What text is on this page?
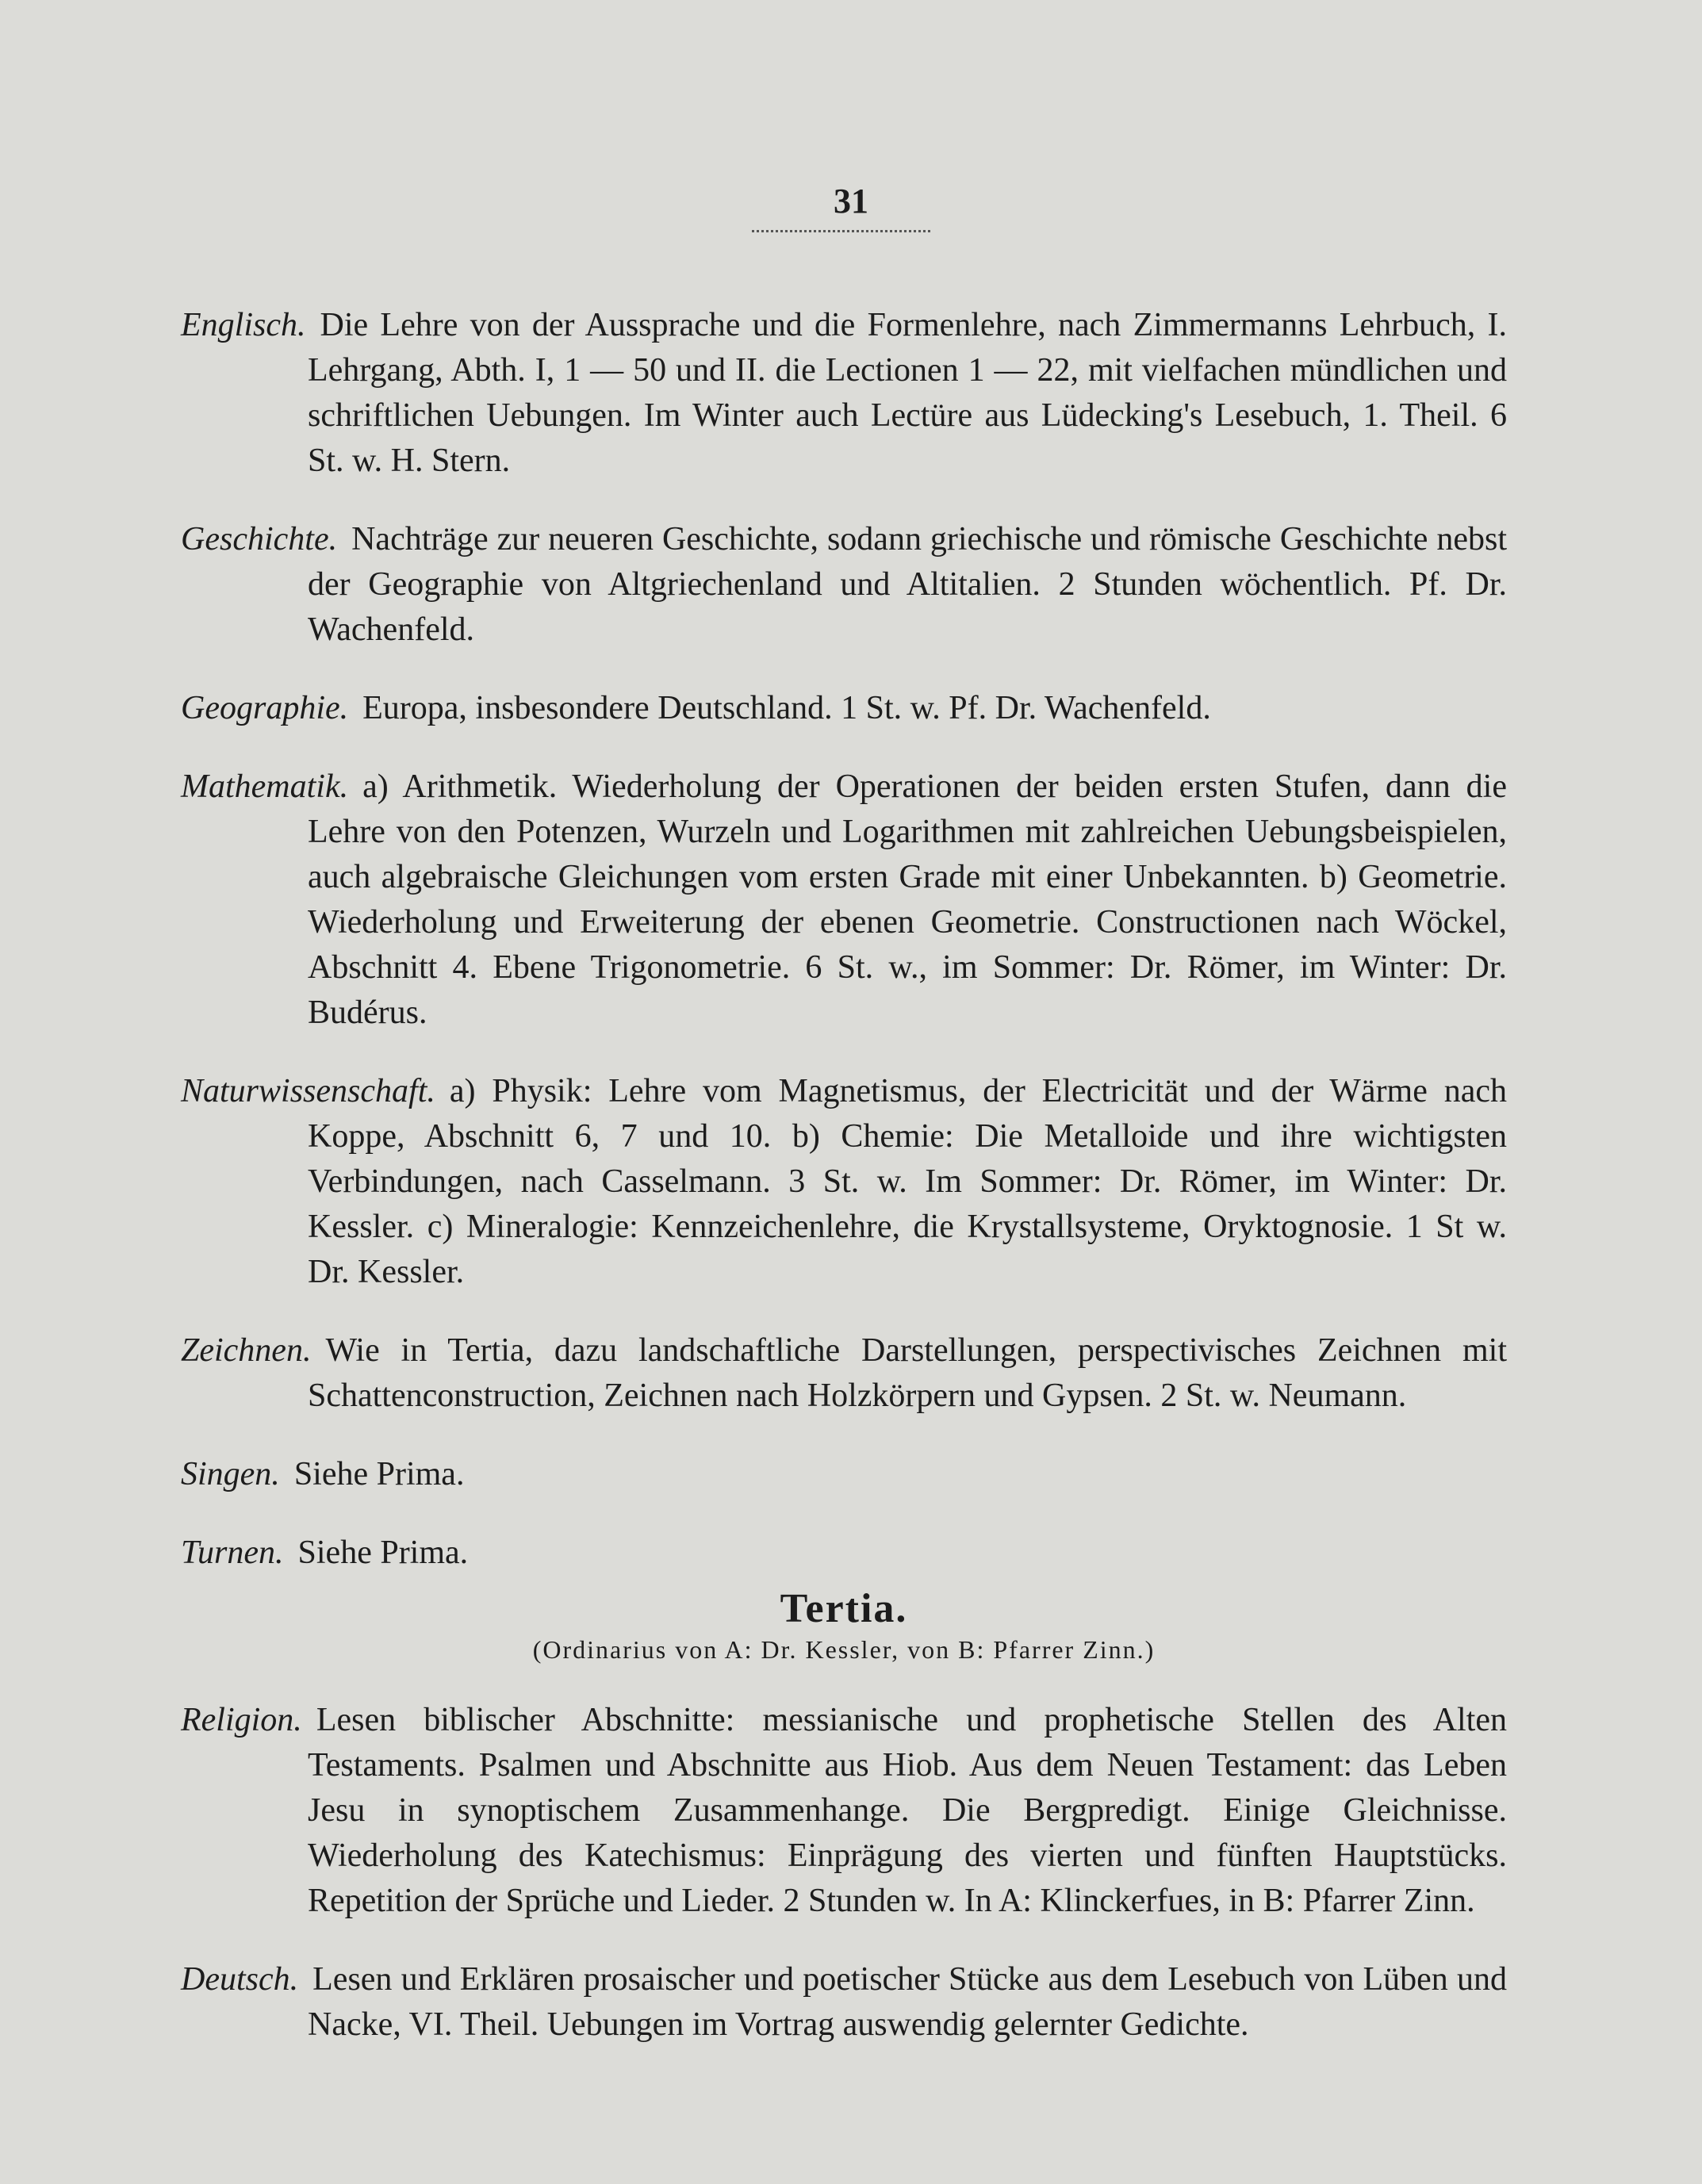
31

Englisch. Die Lehre von der Aussprache und die Formenlehre, nach Zimmermanns Lehrbuch, I. Lehrgang, Abth. I, 1 — 50 und II. die Lectionen 1 — 22, mit vielfachen mündlichen und schriftlichen Uebungen. Im Winter auch Lectüre aus Lüdecking's Lesebuch, 1. Theil. 6 St. w. H. Stern.

Geschichte. Nachträge zur neueren Geschichte, sodann griechische und römische Geschichte nebst der Geographie von Altgriechenland und Altitalien. 2 Stunden wöchentlich. Pf. Dr. Wachenfeld.

Geographie. Europa, insbesondere Deutschland. 1 St. w. Pf. Dr. Wachenfeld.

Mathematik. a) Arithmetik. Wiederholung der Operationen der beiden ersten Stufen, dann die Lehre von den Potenzen, Wurzeln und Logarithmen mit zahlreichen Uebungsbeispielen, auch algebraische Gleichungen vom ersten Grade mit einer Unbekannten. b) Geometrie. Wiederholung und Erweiterung der ebenen Geometrie. Constructionen nach Wöckel, Abschnitt 4. Ebene Trigonometrie. 6 St. w., im Sommer: Dr. Römer, im Winter: Dr. Budérus.

Naturwissenschaft. a) Physik: Lehre vom Magnetismus, der Electricität und der Wärme nach Koppe, Abschnitt 6, 7 und 10. b) Chemie: Die Metalloide und ihre wichtigsten Verbindungen, nach Casselmann. 3 St. w. Im Sommer: Dr. Römer, im Winter: Dr. Kessler. c) Mineralogie: Kennzeichenlehre, die Krystallsysteme, Oryktognosie. 1 St w. Dr. Kessler.

Zeichnen. Wie in Tertia, dazu landschaftliche Darstellungen, perspectivisches Zeichnen mit Schattenconstruction, Zeichnen nach Holzkörpern und Gypsen. 2 St. w. Neumann.

Singen. Siehe Prima.

Turnen. Siehe Prima.

Tertia.
(Ordinarius von A: Dr. Kessler, von B: Pfarrer Zinn.)

Religion. Lesen biblischer Abschnitte: messianische und prophetische Stellen des Alten Testaments. Psalmen und Abschnitte aus Hiob. Aus dem Neuen Testament: das Leben Jesu in synoptischem Zusammenhange. Die Bergpredigt. Einige Gleichnisse. Wiederholung des Katechismus: Einprägung des vierten und fünften Hauptstücks. Repetition der Sprüche und Lieder. 2 Stunden w. In A: Klinckerfues, in B: Pfarrer Zinn.

Deutsch. Lesen und Erklären prosaischer und poetischer Stücke aus dem Lesebuch von Lüben und Nacke, VI. Theil. Uebungen im Vortrag auswendig gelernter Gedichte.
